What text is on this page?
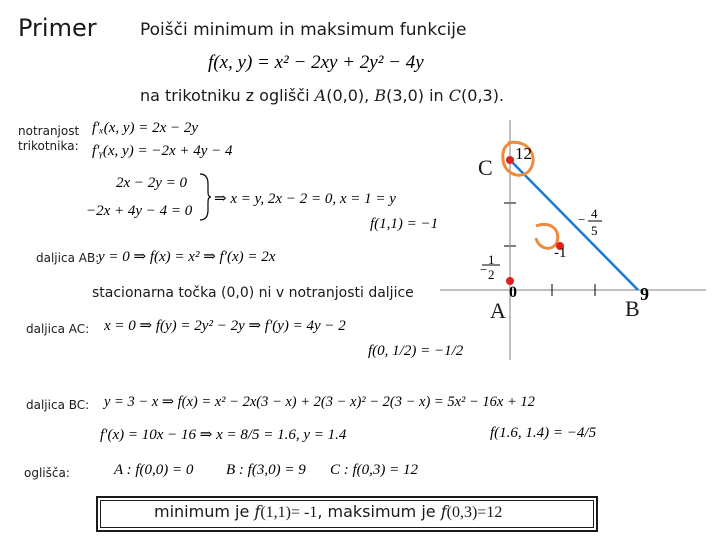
Primer	Poišči minimum in maksimum funkcije
f(x, y) = x² − 2xy + 2y² − 4y
na trikotniku z oglišči A(0,0), B(3,0) in C(0,3).
notranjost
trikotnika:
f′ₓ(x, y) = 2x − 2y
f′ᵧ(x, y) = −2x + 4y − 4
2x − 2y = 0
−2x + 4y − 4 = 0
⇒ x = y, 2x − 2 = 0, x = 1 = y
f(1,1) = −1
daljica AB:
y = 0 ⇒ f(x) = x² ⇒ f′(x) = 2x
stacionarna točka (0,0) ni v notranjosti daljice
daljica AC: x = 0 ⇒ f(y) = 2y² − 2y ⇒ f′(y) = 4y − 2
f(0, 1/2) = −1/2
daljica BC: y = 3 − x ⇒ f(x) = x² − 2x(3 − x) + 2(3 − x)² − 2(3 − x) = 5x² − 16x + 12
f′(x) = 10x − 16 ⇒ x = 8/5 = 1.6, y = 1.4	f(1.6, 1.4) = −4/5
oglišča:	A : f(0,0) = 0 B : f(3,0) = 9 C : f(0,3) = 12
minimum je f(1,1)= -1, maksimum je f(0,3)=12
C
12
A
0	9
B
-1
1
− 2
− 4
5
